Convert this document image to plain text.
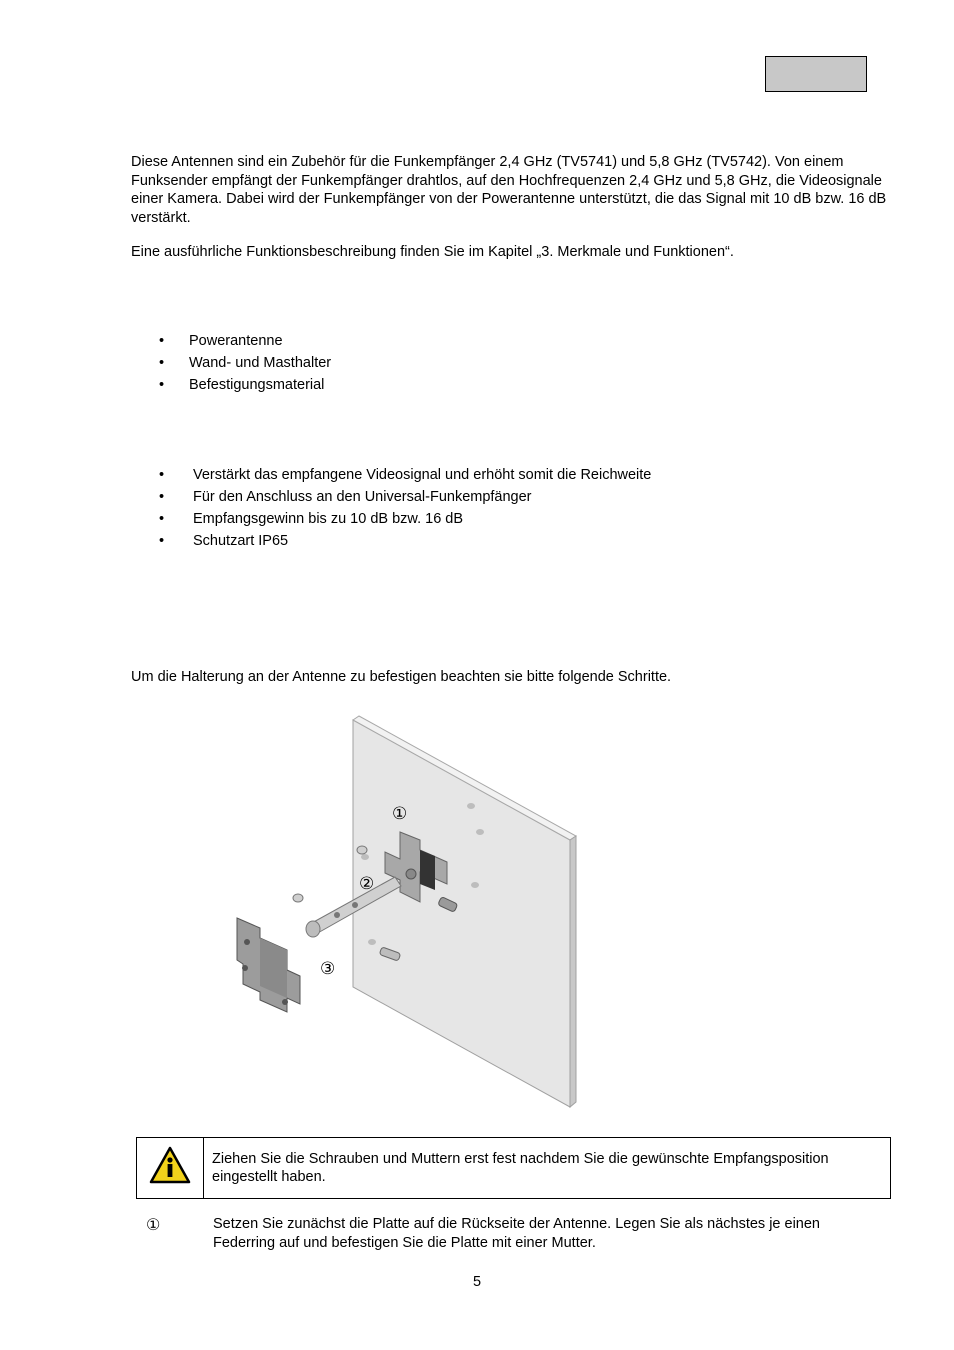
Diese Antennen sind ein Zubehör für die Funkempfänger 2,4 GHz (TV5741) und 5,8 GHz (TV5742). Von einem Funksender empfängt der Funkempfänger drahtlos, auf den Hochfrequenzen 2,4 GHz und 5,8 GHz, die Videosignale einer Kamera. Dabei wird der Funkempfänger von der Powerantenne unterstützt, die das Signal mit 10 dB bzw. 16 dB verstärkt.

Eine ausführliche Funktionsbeschreibung finden Sie im Kapitel „3. Merkmale und Funktionen“.

• Powerantenne
• Wand- und Masthalter
• Befestigungsmaterial
• Verstärkt das empfangene Videosignal und erhöht somit die Reichweite
• Für den Anschluss an den Universal-Funkempfänger
• Empfangsgewinn bis zu 10 dB bzw. 16 dB
• Schutzart IP65

Um die Halterung an der Antenne zu befestigen beachten sie bitte folgende Schritte.

①
②
③
	Ziehen Sie die Schrauben und Muttern erst fest nachdem Sie die gewünschte Empfangsposition eingestellt haben.
①	Setzen Sie zunächst die Platte auf die Rückseite der Antenne. Legen Sie als nächstes je einen Federring auf und befestigen Sie die Platte mit einer Mutter.

5
